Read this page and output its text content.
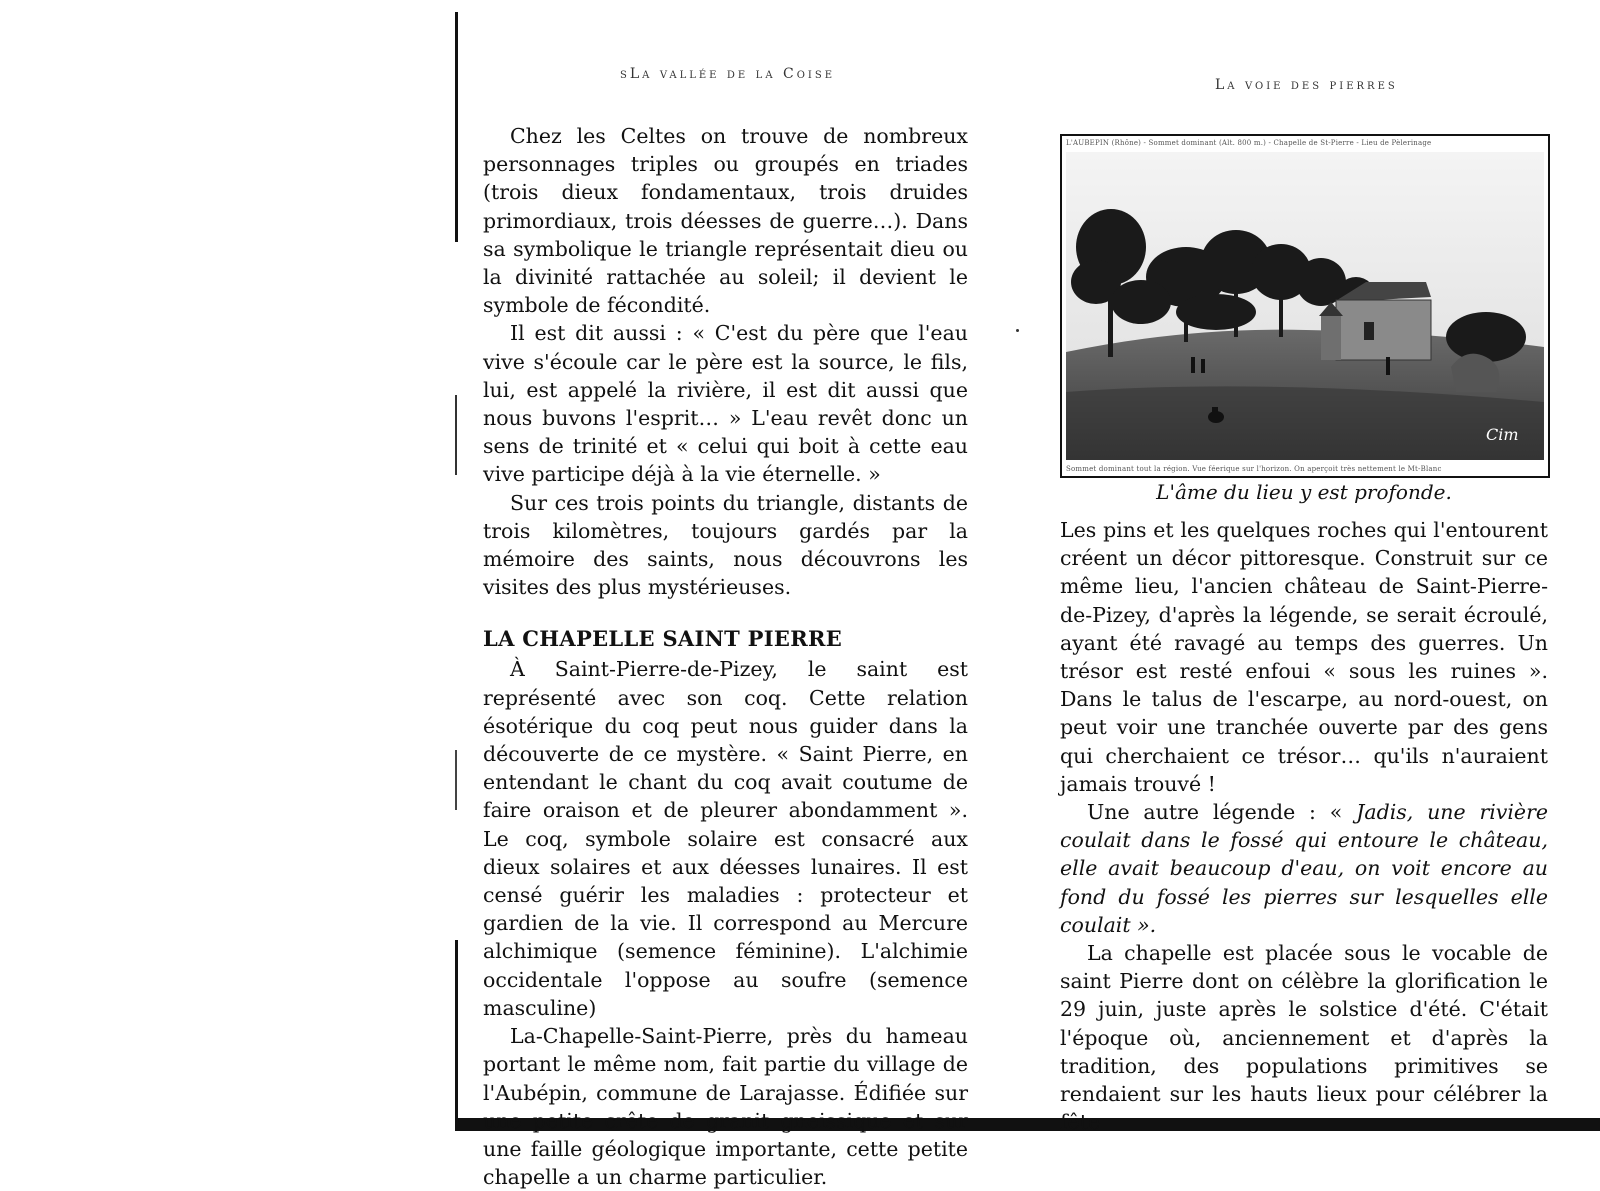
sLa vallée de la Coise
La voie des pierres

Chez les Celtes on trouve de nombreux personnages triples ou groupés en triades (trois dieux fondamentaux, trois druides primordiaux, trois déesses de guerre…). Dans sa symbolique le triangle représentait dieu ou la divinité rattachée au soleil; il devient le symbole de fécondité.

Il est dit aussi : « C'est du père que l'eau vive s'écoule car le père est la source, le fils, lui, est appelé la rivière, il est dit aussi que nous buvons l'esprit… » L'eau revêt donc un sens de trinité et « celui qui boit à cette eau vive participe déjà à la vie éternelle. »

Sur ces trois points du triangle, distants de trois kilomètres, toujours gardés par la mémoire des saints, nous découvrons les visites des plus mystérieuses.

LA CHAPELLE SAINT PIERRE

À Saint-Pierre-de-Pizey, le saint est représenté avec son coq. Cette relation ésotérique du coq peut nous guider dans la découverte de ce mystère. « Saint Pierre, en entendant le chant du coq avait coutume de faire oraison et de pleurer abondamment ». Le coq, symbole solaire est consacré aux dieux solaires et aux déesses lunaires. Il est censé guérir les maladies : protecteur et gardien de la vie. Il correspond au Mercure alchimique (semence féminine). L'alchimie occidentale l'oppose au soufre (semence masculine)

La-Chapelle-Saint-Pierre, près du hameau portant le même nom, fait partie du village de l'Aubépin, commune de Larajasse. Édifiée sur une petite crête de granit gneissique et sur une faille géologique importante, cette petite chapelle a un charme particulier.

L'AUBÉPIN (Rhône) - Sommet dominant (Alt. 800 m.) - Chapelle de St-Pierre - Lieu de Pèlerinage
Cim
Sommet dominant tout la région. Vue féerique sur l'horizon. On aperçoit très nettement le Mt-Blanc
L'âme du lieu y est profonde.

Les pins et les quelques roches qui l'entourent créent un décor pittoresque. Construit sur ce même lieu, l'ancien château de Saint-Pierre-de-Pizey, d'après la légende, se serait écroulé, ayant été ravagé au temps des guerres. Un trésor est resté enfoui « sous les ruines ». Dans le talus de l'escarpe, au nord-ouest, on peut voir une tranchée ouverte par des gens qui cherchaient ce trésor… qu'ils n'auraient jamais trouvé !

Une autre légende : « Jadis, une rivière coulait dans le fossé qui entoure le château, elle avait beaucoup d'eau, on voit encore au fond du fossé les pierres sur lesquelles elle coulait ».

La chapelle est placée sous le vocable de saint Pierre dont on célèbre la glorification le 29 juin, juste après le solstice d'été. C'était l'époque où, anciennement et d'après la tradition, des populations primitives se rendaient sur les hauts lieux pour célébrer la fête
